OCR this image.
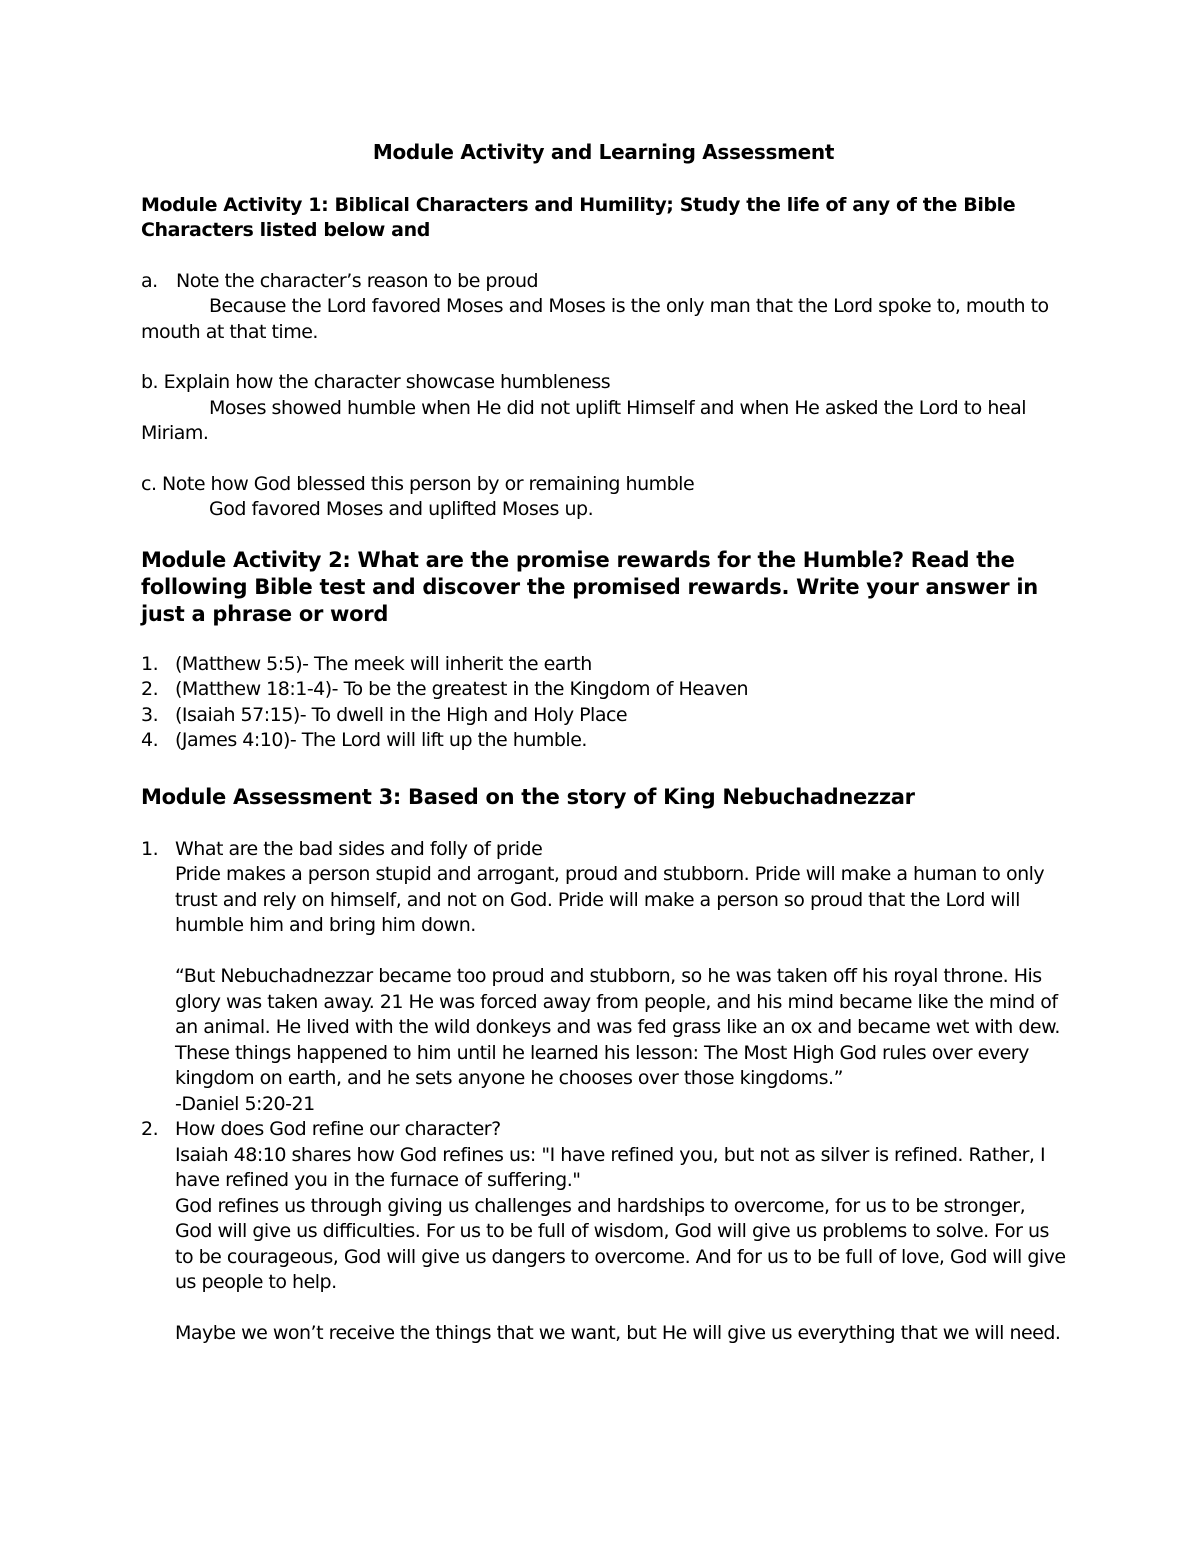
Module Activity and Learning Assessment
Module Activity 1: Biblical Characters and Humility; Study the life of any of the Bible Characters listed below and
a. Note the character’s reason to be proud
Because the Lord favored Moses and Moses is the only man that the Lord spoke to, mouth to mouth at that time.
b. Explain how the character showcase humbleness
Moses showed humble when He did not uplift Himself and when He asked the Lord to heal Miriam.
c. Note how God blessed this person by or remaining humble
God favored Moses and uplifted Moses up.
Module Activity 2: What are the promise rewards for the Humble? Read the following Bible test and discover the promised rewards. Write your answer in just a phrase or word
1. (Matthew 5:5)- The meek will inherit the earth
2. (Matthew 18:1-4)- To be the greatest in the Kingdom of Heaven
3. (Isaiah 57:15)- To dwell in the High and Holy Place
4. (James 4:10)- The Lord will lift up the humble.
Module Assessment 3: Based on the story of King Nebuchadnezzar
1. What are the bad sides and folly of pride
Pride makes a person stupid and arrogant, proud and stubborn. Pride will make a human to only trust and rely on himself, and not on God. Pride will make a person so proud that the Lord will humble him and bring him down.
“But Nebuchadnezzar became too proud and stubborn, so he was taken off his royal throne. His glory was taken away. 21 He was forced away from people, and his mind became like the mind of an animal. He lived with the wild donkeys and was fed grass like an ox and became wet with dew. These things happened to him until he learned his lesson: The Most High God rules over every kingdom on earth, and he sets anyone he chooses over those kingdoms.”
-Daniel 5:20-21
2. How does God refine our character?
Isaiah 48:10 shares how God refines us: "I have refined you, but not as silver is refined. Rather, I have refined you in the furnace of suffering."
God refines us through giving us challenges and hardships to overcome, for us to be stronger, God will give us difficulties. For us to be full of wisdom, God will give us problems to solve. For us to be courageous, God will give us dangers to overcome. And for us to be full of love, God will give us people to help.
Maybe we won’t receive the things that we want, but He will give us everything that we will need.
